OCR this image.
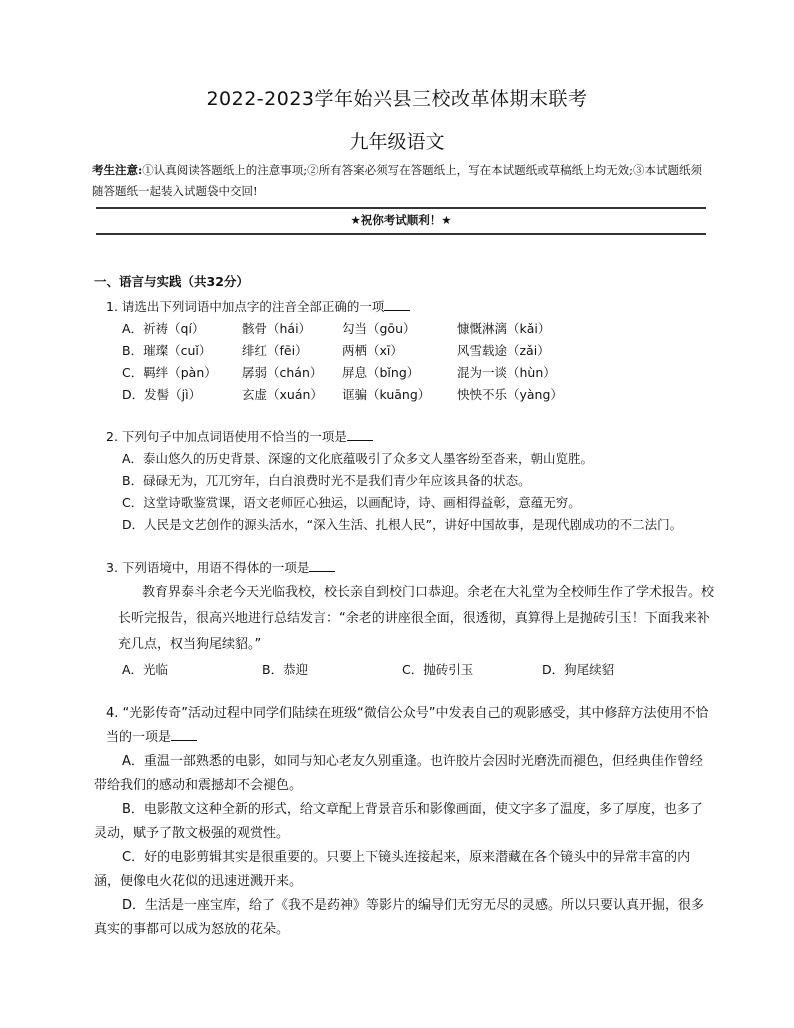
2022-2023学年始兴县三校改革体期末联考
九年级语文
考生注意:①认真阅读答题纸上的注意事项;②所有答案必须写在答题纸上，写在本试题纸或草稿纸上均无效;③本试题纸须随答题纸一起装入试题袋中交回!
★祝你考试顺利！★
一、语言与实践（共32分）
1. 请选出下列词语中加点字的注音全部正确的一项
A．祈祷（qí）	骸骨（hái）	勾当（gōu）	慷慨淋漓（kǎi）
B．璀璨（cuǐ）	绯红（fēi）	两栖（xī）	风雪载途（zǎi）
C．羁绊（pàn）	孱弱（chán）	屏息（bǐng）	混为一谈（hùn）
D．发髻（jì）	玄虚（xuán）	诓骗（kuāng）	怏怏不乐（yàng）
2. 下列句子中加点词语使用不恰当的一项是
A．泰山悠久的历史背景、深邃的文化底蕴吸引了众多文人墨客纷至沓来，朝山览胜。
B．碌碌无为，兀兀穷年，白白浪费时光不是我们青少年应该具备的状态。
C．这堂诗歌鉴赏课，语文老师匠心独运，以画配诗，诗、画相得益彰，意蕴无穷。
D．人民是文艺创作的源头活水，“深入生活、扎根人民”，讲好中国故事，是现代剧成功的不二法门。
3. 下列语境中，用语不得体的一项是
教育界泰斗余老今天光临我校，校长亲自到校门口恭迎。余老在大礼堂为全校师生作了学术报告。校长听完报告，很高兴地进行总结发言：“余老的讲座很全面，很透彻，真算得上是抛砖引玉！下面我来补充几点，权当狗尾续貂。”
A．光临	B．恭迎	C．抛砖引玉	D．狗尾续貂
4. “光影传奇”活动过程中同学们陆续在班级“微信公众号”中发表自己的观影感受，其中修辞方法使用不恰当的一项是
A．重温一部熟悉的电影，如同与知心老友久别重逢。也许胶片会因时光磨洗而褪色，但经典佳作曾经带给我们的感动和震撼却不会褪色。
B．电影散文这种全新的形式，给文章配上背景音乐和影像画面，使文字多了温度，多了厚度，也多了灵动，赋予了散文极强的观赏性。
C．好的电影剪辑其实是很重要的。只要上下镜头连接起来，原来潜藏在各个镜头中的异常丰富的内涵，便像电火花似的迅速迸溅开来。
D．生活是一座宝库，给了《我不是药神》等影片的编导们无穷无尽的灵感。所以只要认真开掘，很多真实的事都可以成为怒放的花朵。
